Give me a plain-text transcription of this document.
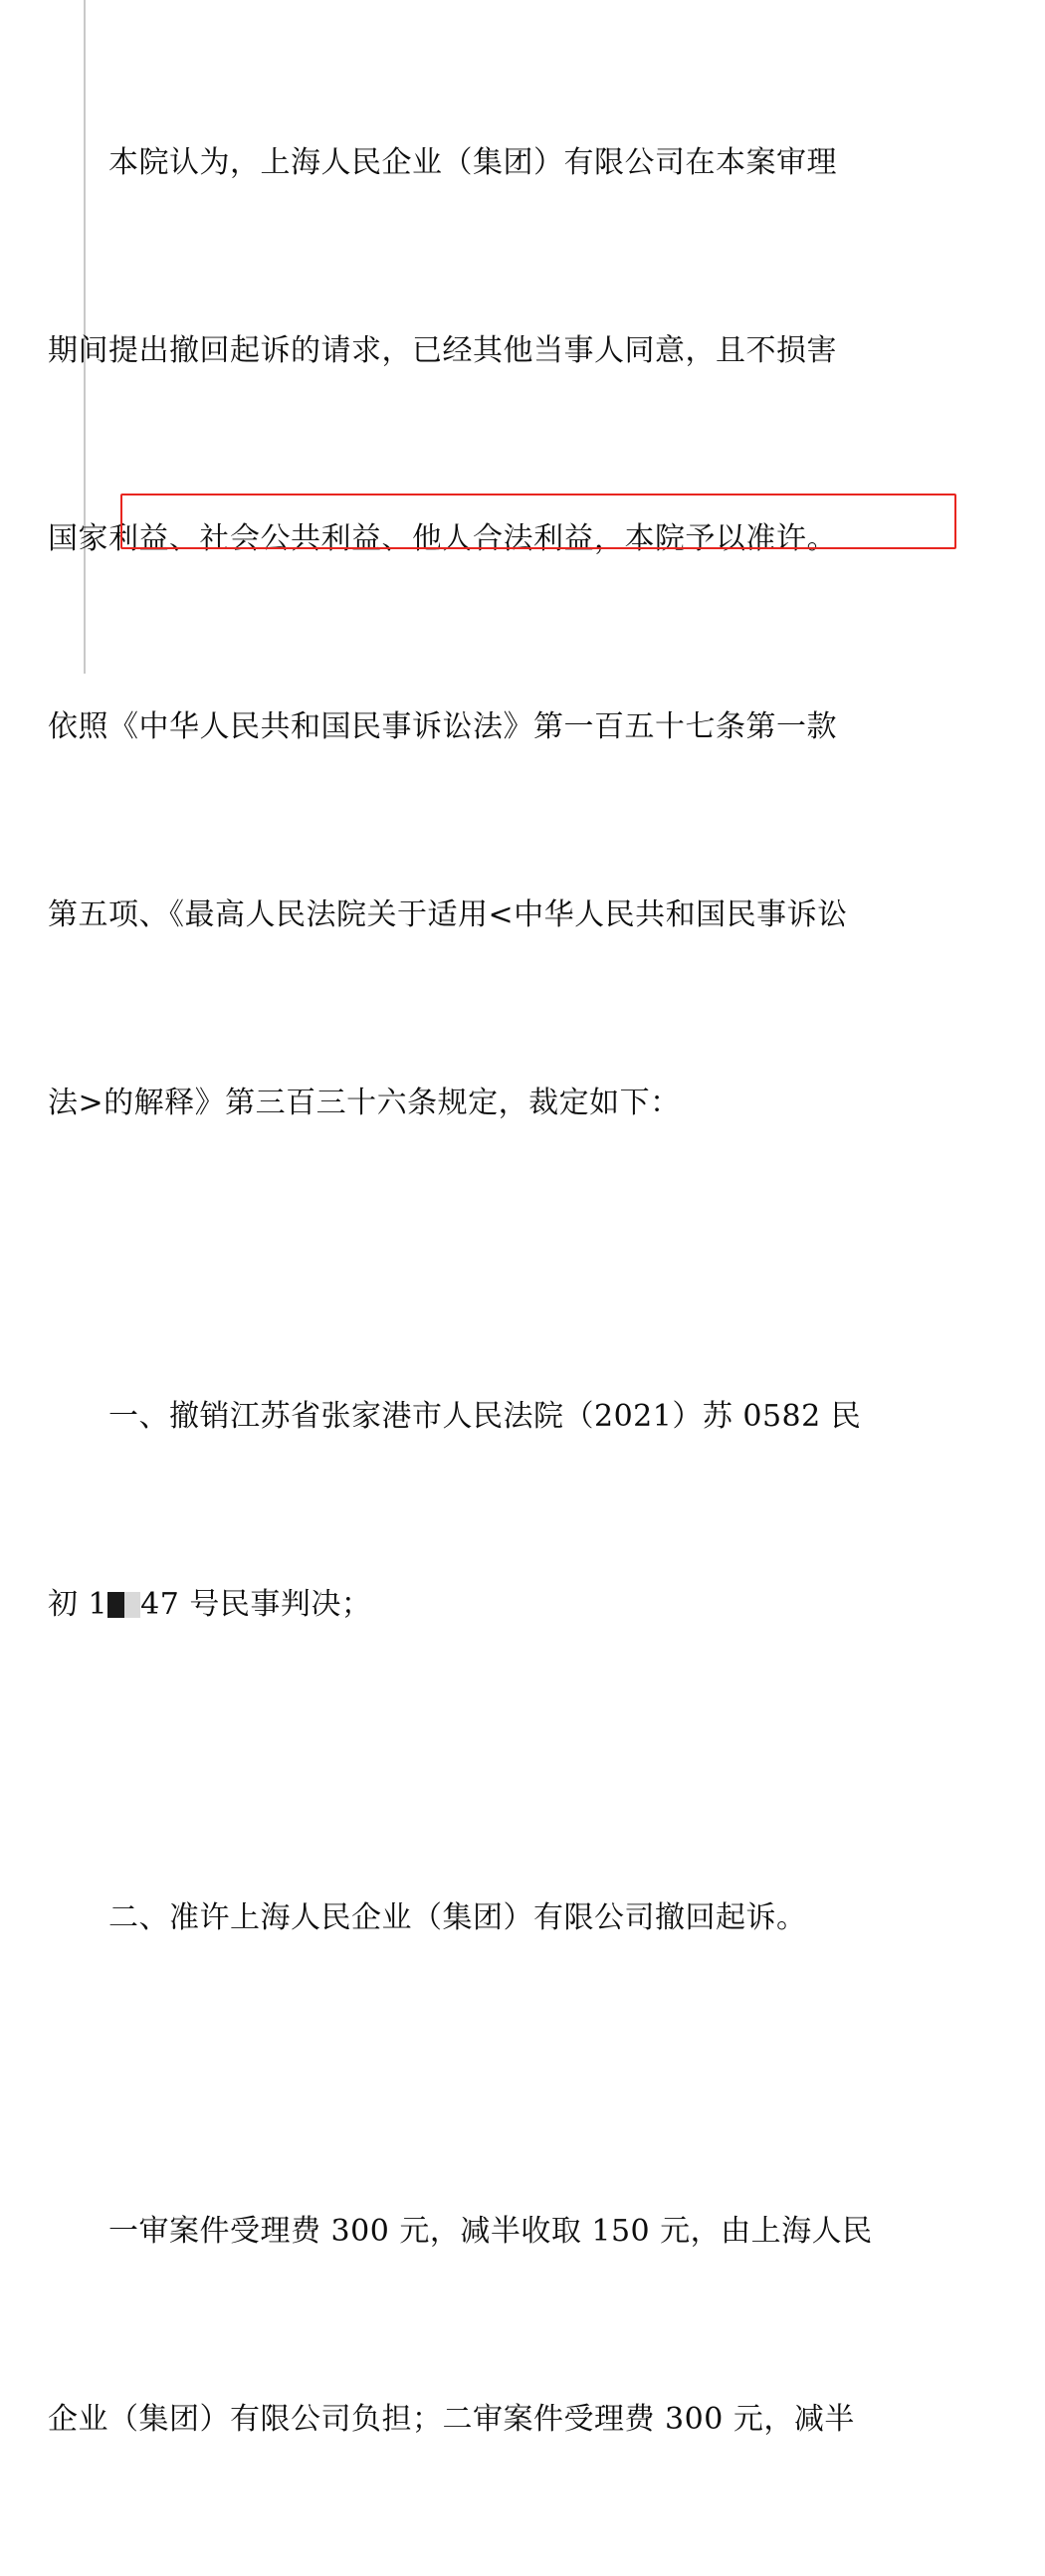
　　本院认为，上海人民企业（集团）有限公司在本案审理

期间提出撤回起诉的请求，已经其他当事人同意，且不损害

国家利益、社会公共利益、他人合法利益，本院予以准许。

依照《中华人民共和国民事诉讼法》第一百五十七条第一款

第五项、《最高人民法院关于适用<中华人民共和国民事诉讼

法>的解释》第三百三十六条规定，裁定如下：

　　一、撤销江苏省张家港市人民法院（2021）苏 0582 民

初 1 47 号民事判决；

　　二、准许上海人民企业（集团）有限公司撤回起诉。

　　一审案件受理费 300 元，减半收取 150 元，由上海人民

企业（集团）有限公司负担；二审案件受理费 300 元，减半
